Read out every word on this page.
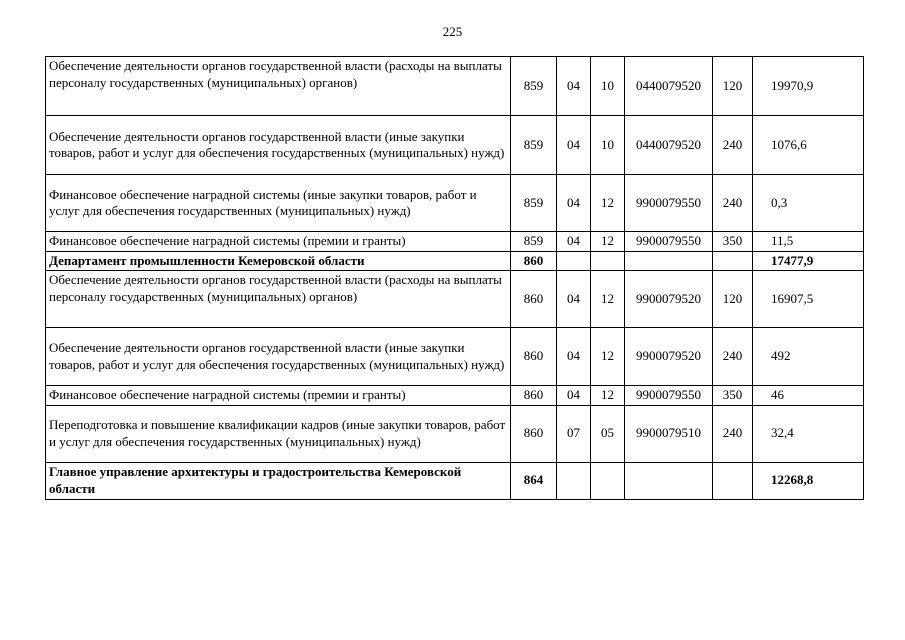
225
Обеспечение деятельности органов государственной власти (расходы на выплаты персоналу государственных (муниципальных) органов)	859	04	10	0440079520	120	19970,9
Обеспечение деятельности органов государственной власти (иные закупки товаров, работ и услуг для обеспечения государственных (муниципальных) нужд)	859	04	10	0440079520	240	1076,6
Финансовое обеспечение наградной системы (иные закупки товаров, работ и услуг для обеспечения государственных (муниципальных) нужд)	859	04	12	9900079550	240	0,3
Финансовое обеспечение наградной системы (премии и гранты)	859	04	12	9900079550	350	11,5
Департамент промышленности Кемеровской области	860					17477,9
Обеспечение деятельности органов государственной власти (расходы на выплаты персоналу государственных (муниципальных) органов)	860	04	12	9900079520	120	16907,5
Обеспечение деятельности органов государственной власти (иные закупки товаров, работ и услуг для обеспечения государственных (муниципальных) нужд)	860	04	12	9900079520	240	492
Финансовое обеспечение наградной системы (премии и гранты)	860	04	12	9900079550	350	46
Переподготовка и повышение квалификации кадров (иные закупки товаров, работ и услуг для обеспечения государственных (муниципальных) нужд)	860	07	05	9900079510	240	32,4
Главное управление архитектуры и градостроительства Кемеровской области	864					12268,8
